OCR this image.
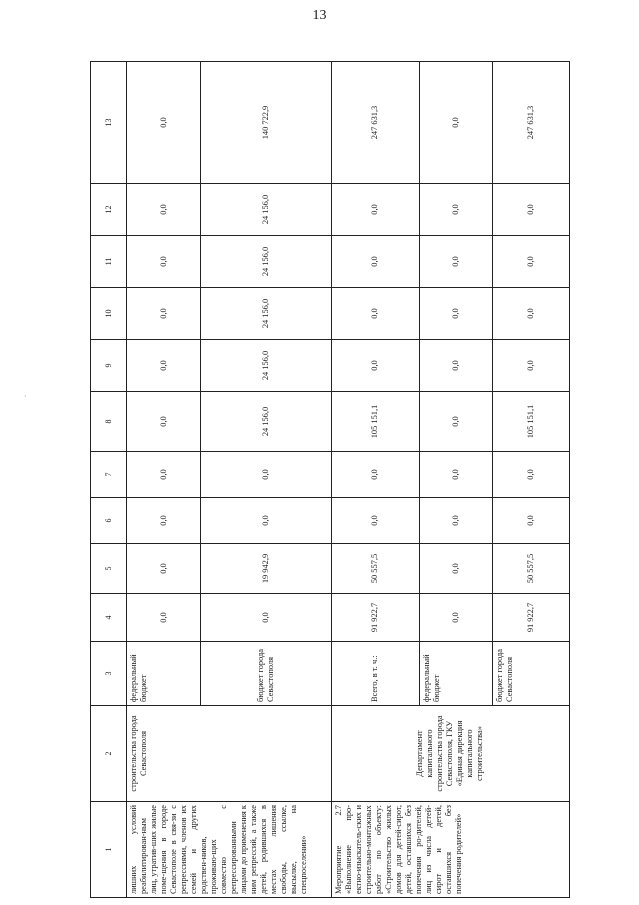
13
·
1	2	3	4	5	6	7	8	9	10	11	12	13
лишних условий реабилитирован-ным лиц, утратив-ших жилые поме-щения в городе Севастополе в свя-зи с репрессиями, членов их семей и других родствен-ников, проживаю-щих совместно с репрессированными лицами до применения к ним репрессий, а также детей, родившихся в местах лишения свободы, ссылке, высылке, на спецпоселении»	строительства города Севастополя	федеральный бюджет	0,0	0,0	0,0	0,0	0,0	0,0	0,0	0,0	0,0	0,0
		бюджет города Севастополя	0,0	19 942,9	0,0	0,0	24 156,0	24 156,0	24 156,0	24 156,0	24 156,0	140 722,9
Мероприятие 2.7 «Выполнение про-ектно-изыскатель-ских и строительно-монтажных работ по объекту: «Строительство жилых домов для детей-сирот, детей, оставшихся без попечения ро-дителей, лиц из числа детей-сирот и детей, оставшихся без попечения родителей»	Департамент капитального строительства города Севастополя, ГКУ «Единая дирекция капитального строительства»	Всего, в т. ч.:	91 922,7	50 557,5	0,0	0,0	105 151,1	0,0	0,0	0,0	0,0	247 631,3
		федеральный бюджет	0,0	0,0	0,0	0,0	0,0	0,0	0,0	0,0	0,0	0,0
		бюджет города Севастополя	91 922,7	50 557,5	0,0	0,0	105 151,1	0,0	0,0	0,0	0,0	247 631,3
